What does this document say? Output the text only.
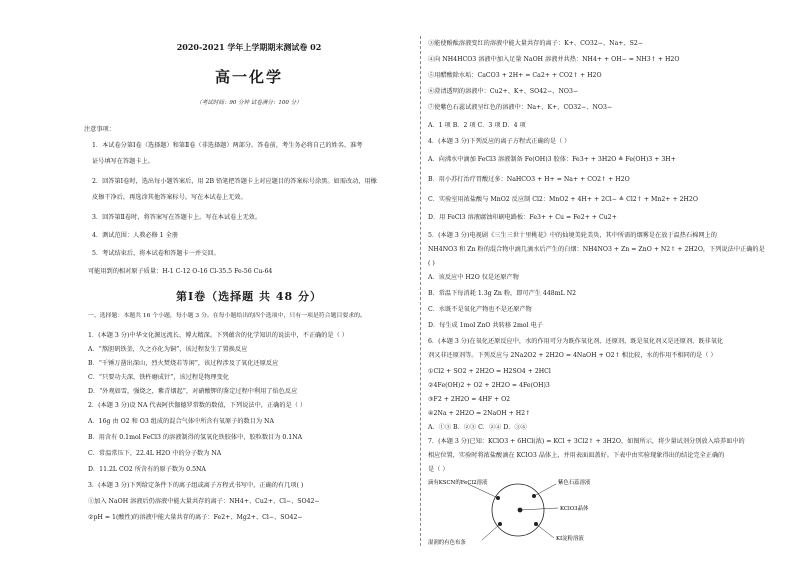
2020-2021 学年上学期期末测试卷 02
高一化学
（考试时间：90 分钟 试卷满分：100 分）
注意事项：
1．本试卷分第Ⅰ卷（选择题）和第Ⅱ卷（非选择题）两部分。答卷前，考生务必将自己的姓名、准考
证号填写在答题卡上。
2．回答第Ⅰ卷时，选出每小题答案后，用 2B 铅笔把答题卡上对应题目的答案标号涂黑。如需改动，用橡
皮擦干净后，再选涂其他答案标号。写在本试卷上无效。
3．回答第Ⅱ卷时，将答案写在答题卡上。写在本试卷上无效。
4．测试范围：人教必修 1 全册
5．考试结束后，将本试卷和答题卡一并交回。
可能用到的相对原子质量：H-1 C-12 O-16 Cl-35.5 Fe-56 Cu-64
第Ⅰ卷（选择题 共 48 分）
一、选择题：本题共 16 个小题，每小题 3 分。在每小题给出的四个选项中，只有一项是符合题目要求的。
1．(本题 3 分)中华文化源远流长、博大精深。下列蕴含的化学知识的说法中，不正确的是（ ）
A．“熬胆矾铁釜，久之亦化为铜”，该过程发生了置换反应
B．“千锤万凿出深山，烈火焚烧若等闲”，该过程涉及了氧化还原反应
C．“只要功夫深，铁杵磨成针”，该过程是物理变化
D．“外观如雪，强烧之，紫青烟起”，对硝酸钾的鉴定过程中利用了焰色反应
2．(本题 3 分)设 NA 代表阿伏伽德罗常数的数值，下列说法中，正确的是（ ）
A．16g 由 O2 和 O3 组成的混合气体中所含有氧原子的数目为 NA
B．用含有 0.1mol FeCl3 的溶液制得的氢氧化铁胶体中，胶粒数目为 0.1NA
C．常温常压下，22.4L H2O 中的分子数为 NA
D．11.2L CO2 所含有的原子数为 0.5NA
3．(本题 3 分)下列给定条件下的离子组或离子方程式书写中，正确的有几项( )
①加入 NaOH 溶液后仍溶液中能大量共存的离子：NH4+、Cu2+、Cl−、SO42−
②pH = 1(酸性)的溶液中能大量共存的离子：Fe2+、Mg2+、Cl−、SO42−
③能使酚酞溶液变红的溶液中能大量共存的离子：K+、CO32−、Na+、S2−
④向 NH4HCO3 溶液中加入足量 NaOH 溶液并共热：NH4+ + OH− = NH3↑ + H2O
⑤用醋酸除水垢：CaCO3 + 2H+ = Ca2+ + CO2↑ + H2O
⑥澄清透明的溶液中：Cu2+、K+、SO42−、NO3−
⑦使紫色石蕊试液呈红色的溶液中：Na+、K+、CO32−、NO3−
A．1 项 B．2 项 C．3 项 D．4 项
4．(本题 3 分)下列反应的离子方程式正确的是（ ）
A．向沸水中滴加 FeCl3 溶液制备 Fe(OH)3 胶体：Fe3+ + 3H2O ≜ Fe(OH)3 + 3H+
B．用小苏打治疗胃酸过多：NaHCO3 + H+ = Na+ + CO2↑ + H2O
C．实验室用浓盐酸与 MnO2 反应制 Cl2：MnO2 + 4H+ + 2Cl− ≜ Cl2↑ + Mn2+ + 2H2O
D．用 FeCl3 溶液腐蚀印刷电路板：Fe3+ + Cu = Fe2+ + Cu2+
5．(本题 3 分)电视剧《三生三世十里桃花》中的仙境美轮美奂，其中所需的烟雾是在放于温热石棉网上的
NH4NO3 和 Zn 粉的混合物中滴几滴水后产生的白烟：NH4NO3 + Zn = ZnO + N2↑ + 2H2O，下列说法中正确的是
( )
A．该反应中 H2O 仅是还原产物
B．常温下每消耗 1.3g Zn 粉，即可产生 448mL N2
C．水既不是氧化产物也不是还原产物
D．每生成 1mol ZnO 共转移 2mol 电子
6．(本题 3 分)在氧化还原反应中，水的作用可分为既作氧化剂、还原剂，既是氧化剂又是还原剂、既非氧化
剂又非还原剂等。下列反应与 2Na2O2 + 2H2O = 4NaOH + O2↑ 相比较，水的作用不相同的是（ ）
①Cl2 + SO2 + 2H2O = H2SO4 + 2HCl
②4Fe(OH)2 + O2 + 2H2O = 4Fe(OH)3
③F2 + 2H2O = 4HF + O2
④2Na + 2H2O = 2NaOH + H2↑
A．①③ B．②③ C．②④ D．③④
7．(本题 3 分)已知：KClO3 + 6HCl(浓) = KCl + 3Cl2↑ + 3H2O，如图所示，将少量试剂分别放入培养皿中的
相应位置，实验时将浓盐酸滴在 KClO3 晶体上，并用表面皿盖好。下表中由实验现象得出的结论完全正确的
是（ ）
滴有KSCN的FeCl2溶液	紫色石蕊溶液
KClO3晶体
湿润的有色布条
KI淀粉溶液
